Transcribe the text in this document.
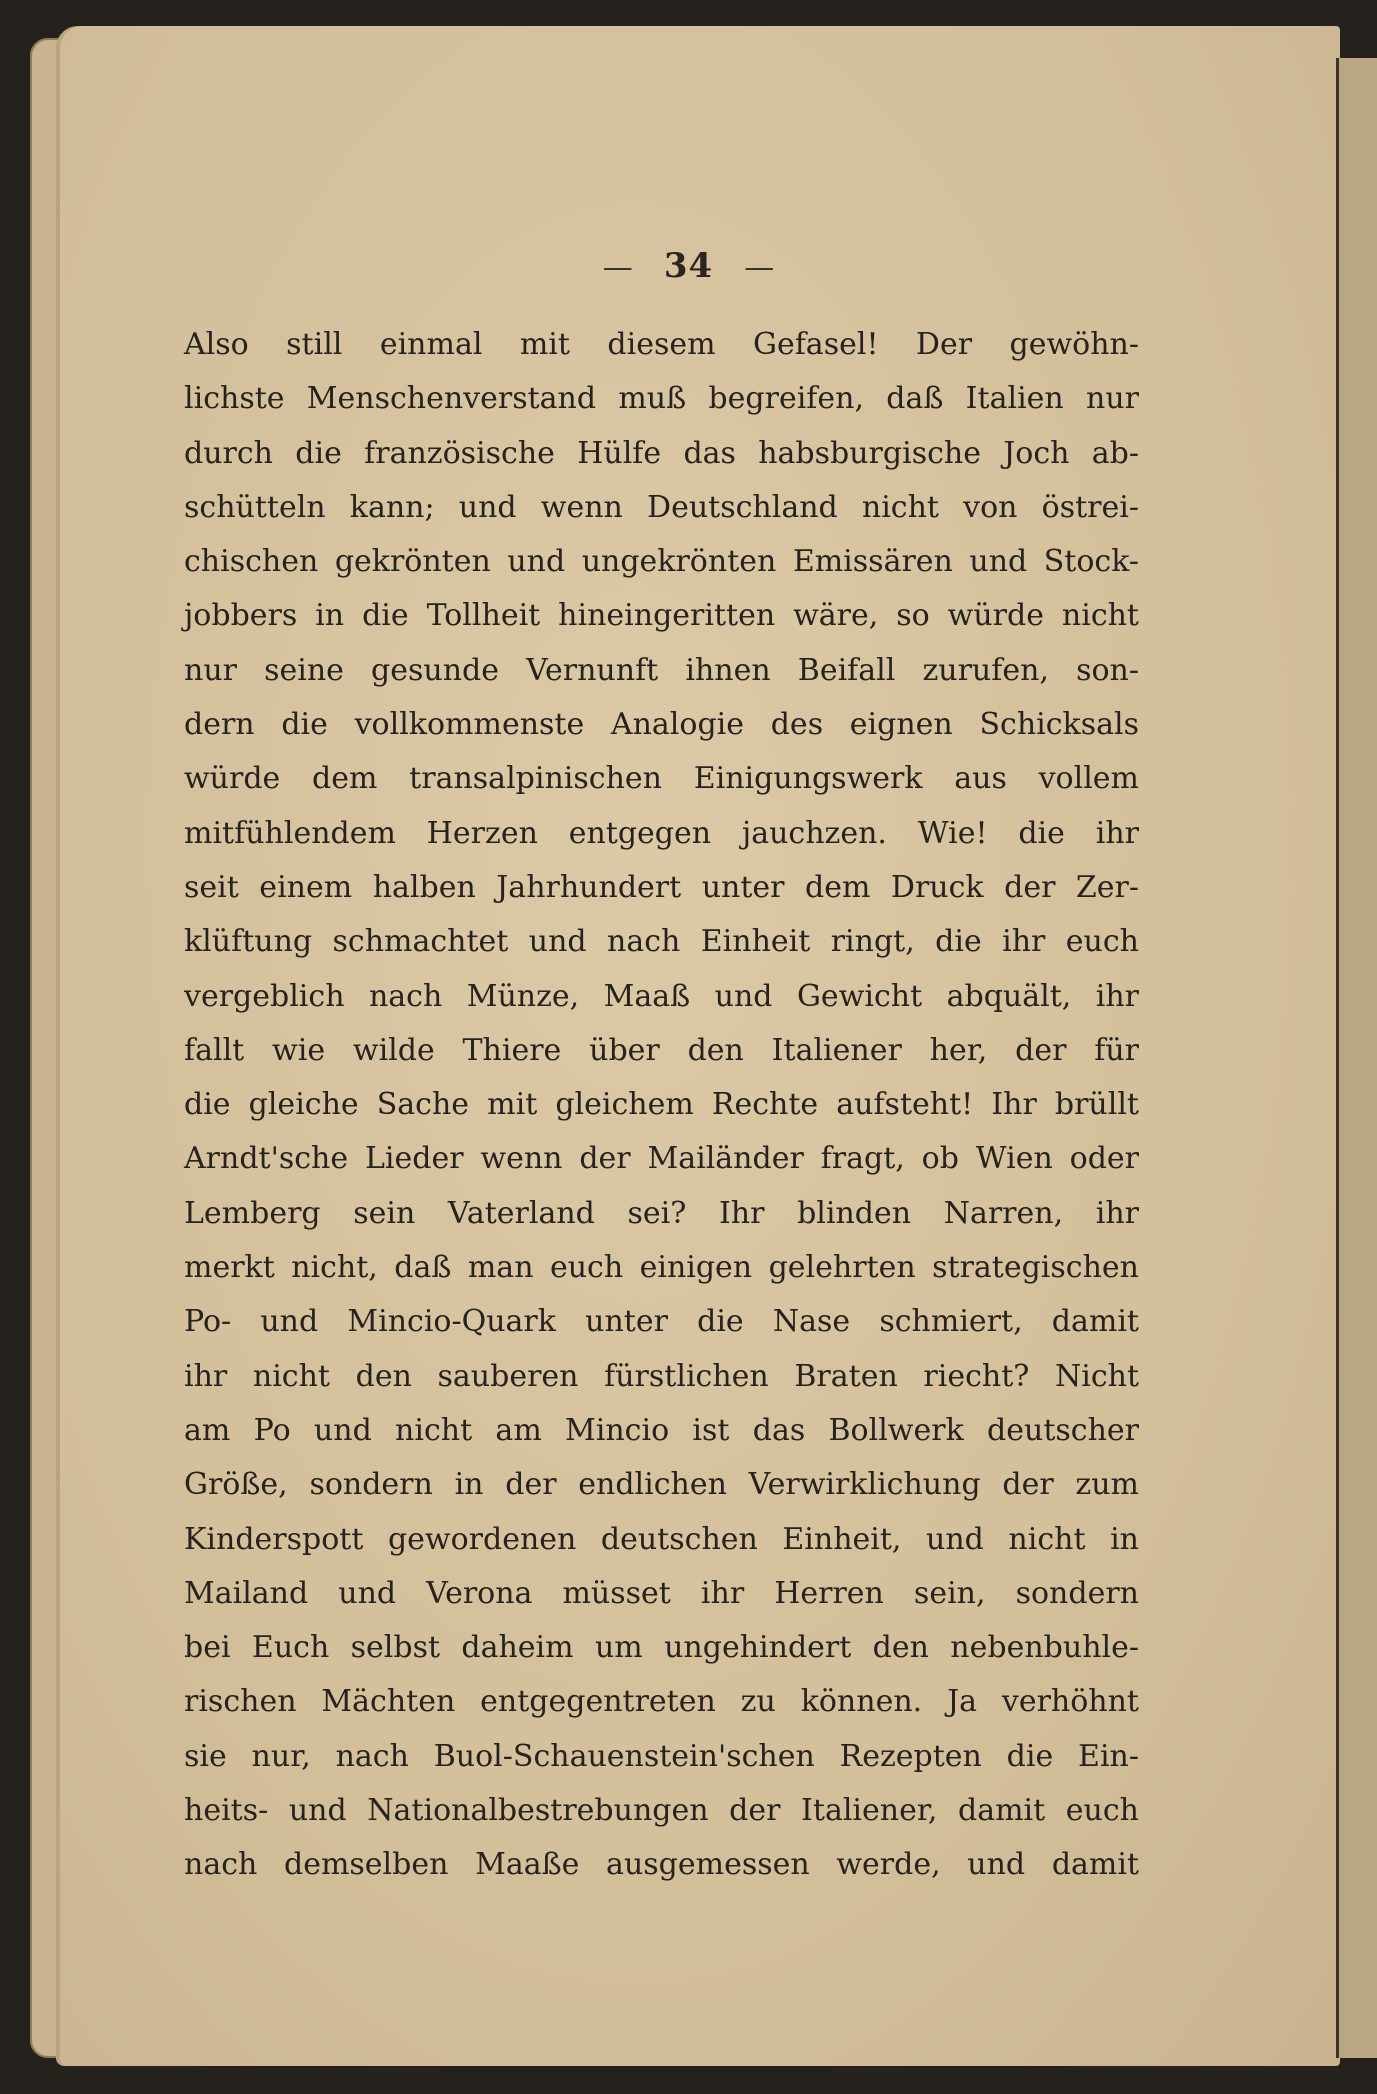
— 34 —
Also still einmal mit diesem Gefasel! Der gewöhn-
lichste Menschenverstand muß begreifen, daß Italien nur
durch die französische Hülfe das habsburgische Joch ab-
schütteln kann; und wenn Deutschland nicht von östrei-
chischen gekrönten und ungekrönten Emissären und Stock-
jobbers in die Tollheit hineingeritten wäre, so würde nicht
nur seine gesunde Vernunft ihnen Beifall zurufen, son-
dern die vollkommenste Analogie des eignen Schicksals
würde dem transalpinischen Einigungswerk aus vollem
mitfühlendem Herzen entgegen jauchzen. Wie! die ihr
seit einem halben Jahrhundert unter dem Druck der Zer-
klüftung schmachtet und nach Einheit ringt, die ihr euch
vergeblich nach Münze, Maaß und Gewicht abquält, ihr
fallt wie wilde Thiere über den Italiener her, der für
die gleiche Sache mit gleichem Rechte aufsteht! Ihr brüllt
Arndt'sche Lieder wenn der Mailänder fragt, ob Wien oder
Lemberg sein Vaterland sei? Ihr blinden Narren, ihr
merkt nicht, daß man euch einigen gelehrten strategischen
Po- und Mincio-Quark unter die Nase schmiert, damit
ihr nicht den sauberen fürstlichen Braten riecht? Nicht
am Po und nicht am Mincio ist das Bollwerk deutscher
Größe, sondern in der endlichen Verwirklichung der zum
Kinderspott gewordenen deutschen Einheit, und nicht in
Mailand und Verona müsset ihr Herren sein, sondern
bei Euch selbst daheim um ungehindert den nebenbuhle-
rischen Mächten entgegentreten zu können. Ja verhöhnt
sie nur, nach Buol-Schauenstein'schen Rezepten die Ein-
heits- und Nationalbestrebungen der Italiener, damit euch
nach demselben Maaße ausgemessen werde, und damit
